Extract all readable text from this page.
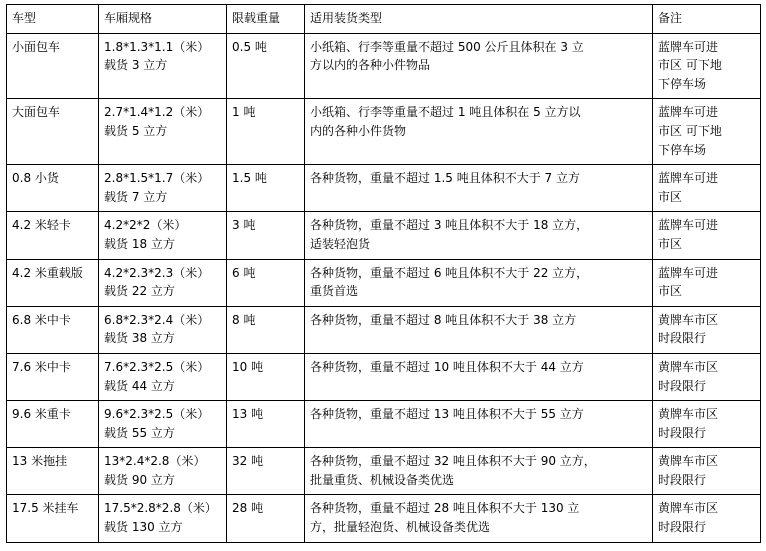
车型	车厢规格	限载重量	适用装货类型	备注
小面包车	1.8*1.3*1.1（米）
载货 3 立方	0.5 吨	小纸箱、行李等重量不超过 500 公斤且体积在 3 立
方以内的各种小件物品	蓝牌车可进
市区 可下地
下停车场

大面包车	2.7*1.4*1.2（米）
载货 5 立方	1 吨	小纸箱、行李等重量不超过 1 吨且体积在 5 立方以
内的各种小件货物	蓝牌车可进
市区 可下地
下停车场

0.8 小货	2.8*1.5*1.7（米）
载货 7 立方	1.5 吨	各种货物，重量不超过 1.5 吨且体积不大于 7 立方	蓝牌车可进
市区

4.2 米轻卡	4.2*2*2（米）
载货 18 立方	3 吨	各种货物，重量不超过 3 吨且体积不大于 18 立方，
适装轻泡货	蓝牌车可进
市区

4.2 米重载版	4.2*2.3*2.3（米）
载货 22 立方	6 吨	各种货物，重量不超过 6 吨且体积不大于 22 立方，
重货首选	蓝牌车可进
市区

6.8 米中卡	6.8*2.3*2.4（米）
载货 38 立方	8 吨	各种货物，重量不超过 8 吨且体积不大于 38 立方	黄牌车市区
时段限行

7.6 米中卡	7.6*2.3*2.5（米）
载货 44 立方	10 吨	各种货物，重量不超过 10 吨且体积不大于 44 立方	黄牌车市区
时段限行

9.6 米重卡	9.6*2.3*2.5（米）
载货 55 立方	13 吨	各种货物，重量不超过 13 吨且体积不大于 55 立方	黄牌车市区
时段限行

13 米拖挂	13*2.4*2.8（米）
载货 90 立方	32 吨	各种货物，重量不超过 32 吨且体积不大于 90 立方，
批量重货、机械设备类优选	黄牌车市区
时段限行

17.5 米挂车	17.5*2.8*2.8（米）
载货 130 立方	28 吨	各种货物，重量不超过 28 吨且体积不大于 130 立
方，批量轻泡货、机械设备类优选	黄牌车市区
时段限行
